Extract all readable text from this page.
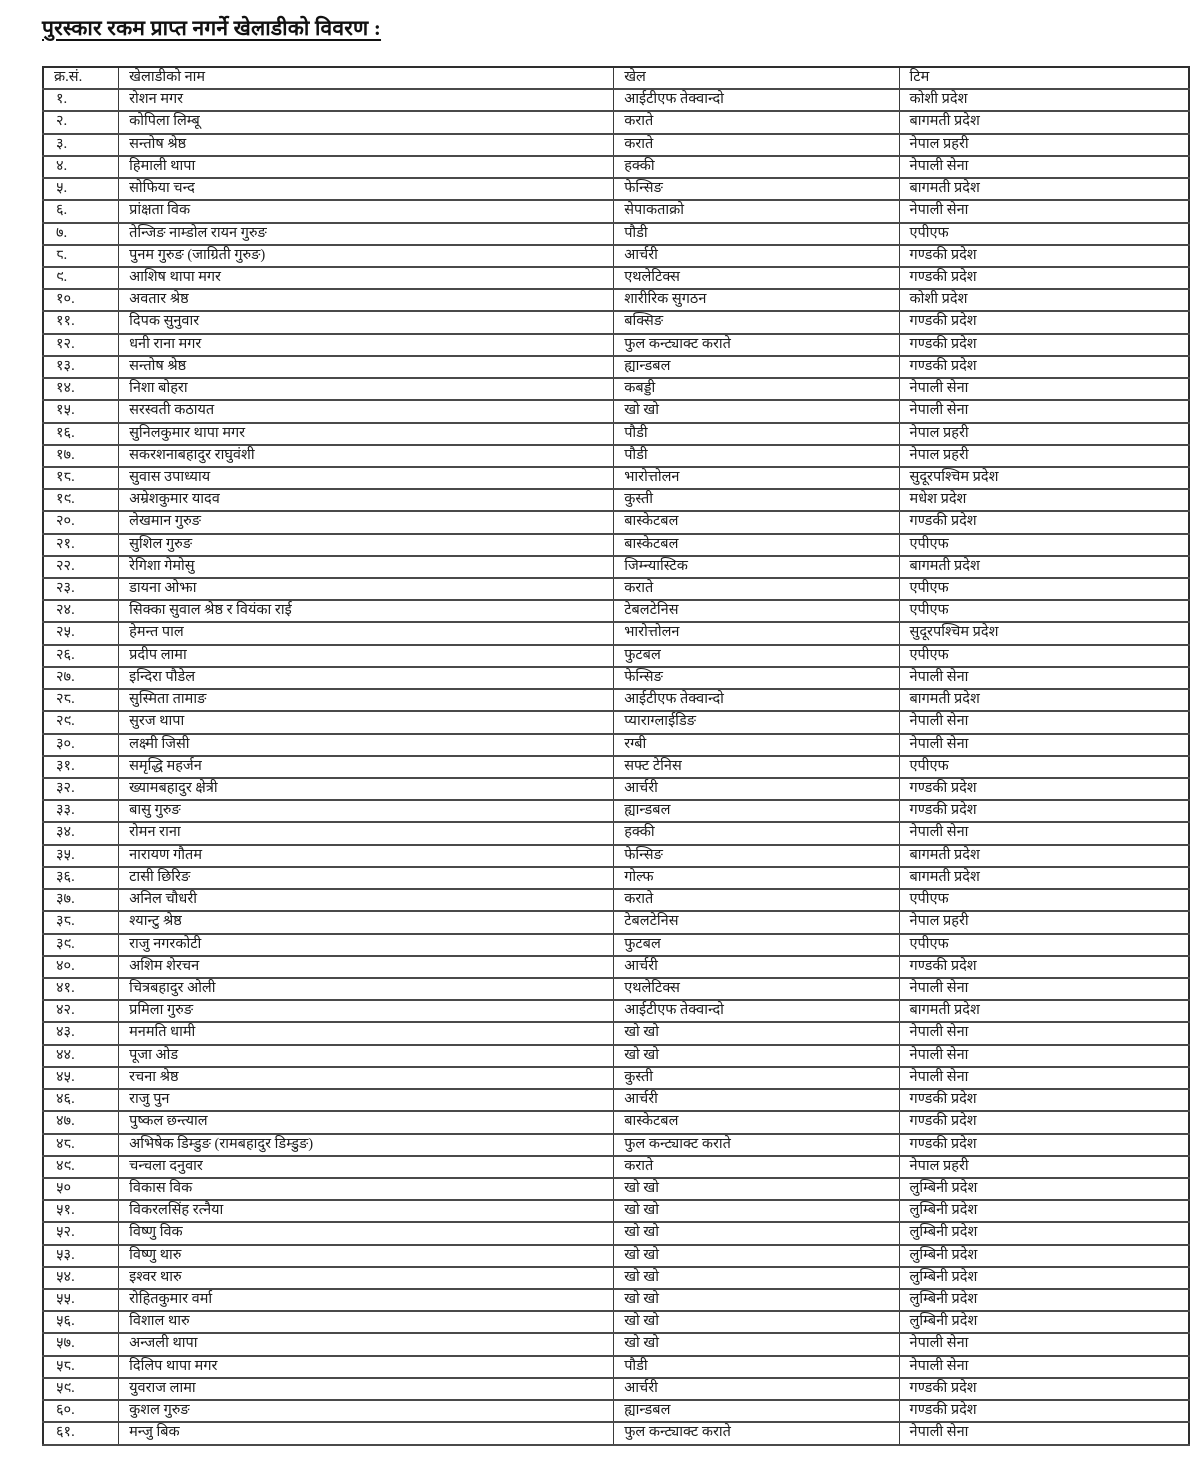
पुरस्कार रकम प्राप्त नगर्ने खेलाडीको विवरण :
क्र.सं.	खेलाडीको नाम	खेल	टिम
१.	रोशन मगर	आईटीएफ तेक्वान्दो	कोशी प्रदेश
२.	कोपिला लिम्बू	कराते	बागमती प्रदेश
३.	सन्तोष श्रेष्ठ	कराते	नेपाल प्रहरी
४.	हिमाली थापा	हक्की	नेपाली सेना
५.	सोफिया चन्द	फेन्सिङ	बागमती प्रदेश
६.	प्रांक्षता विक	सेपाकताक्रो	नेपाली सेना
७.	तेन्जिङ नाम्डोल रायन गुरुङ	पौडी	एपीएफ
८.	पुनम गुरुङ (जाग्रिती गुरुङ)	आर्चरी	गण्डकी प्रदेश
९.	आशिष थापा मगर	एथलेटिक्स	गण्डकी प्रदेश
१०.	अवतार श्रेष्ठ	शारीरिक सुगठन	कोशी प्रदेश
११.	दिपक सुनुवार	बक्सिङ	गण्डकी प्रदेश
१२.	धनी राना मगर	फुल कन्ट्याक्ट कराते	गण्डकी प्रदेश
१३.	सन्तोष श्रेष्ठ	ह्यान्डबल	गण्डकी प्रदेश
१४.	निशा बोहरा	कबड्डी	नेपाली सेना
१५.	सरस्वती कठायत	खो खो	नेपाली सेना
१६.	सुनिलकुमार थापा मगर	पौडी	नेपाल प्रहरी
१७.	सकरशनाबहादुर राघुवंशी	पौडी	नेपाल प्रहरी
१८.	सुवास उपाध्याय	भारोत्तोलन	सुदूरपश्चिम प्रदेश
१९.	अम्रेशकुमार यादव	कुस्ती	मधेश प्रदेश
२०.	लेखमान गुरुङ	बास्केटबल	गण्डकी प्रदेश
२१.	सुशिल गुरुङ	बास्केटबल	एपीएफ
२२.	रेगिशा गेमोसु	जिम्न्यास्टिक	बागमती प्रदेश
२३.	डायना ओझा	कराते	एपीएफ
२४.	सिक्का सुवाल श्रेष्ठ र वियंका राई	टेबलटेनिस	एपीएफ
२५.	हेमन्त पाल	भारोत्तोलन	सुदूरपश्चिम प्रदेश
२६.	प्रदीप लामा	फुटबल	एपीएफ
२७.	इन्दिरा पौडेल	फेन्सिङ	नेपाली सेना
२८.	सुस्मिता तामाङ	आईटीएफ तेक्वान्दो	बागमती प्रदेश
२९.	सुरज थापा	प्याराग्लाईडिङ	नेपाली सेना
३०.	लक्ष्मी जिसी	रग्बी	नेपाली सेना
३१.	समृद्धि महर्जन	सफ्ट टेनिस	एपीएफ
३२.	ख्यामबहादुर क्षेत्री	आर्चरी	गण्डकी प्रदेश
३३.	बासु गुरुङ	ह्यान्डबल	गण्डकी प्रदेश
३४.	रोमन राना	हक्की	नेपाली सेना
३५.	नारायण गौतम	फेन्सिङ	बागमती प्रदेश
३६.	टासी छिरिङ	गोल्फ	बागमती प्रदेश
३७.	अनिल चौधरी	कराते	एपीएफ
३८.	श्यान्टु श्रेष्ठ	टेबलटेनिस	नेपाल प्रहरी
३९.	राजु नगरकोटी	फुटबल	एपीएफ
४०.	अशिम शेरचन	आर्चरी	गण्डकी प्रदेश
४१.	चित्रबहादुर ओली	एथलेटिक्स	नेपाली सेना
४२.	प्रमिला गुरुङ	आईटीएफ तेक्वान्दो	बागमती प्रदेश
४३.	मनमति धामी	खो खो	नेपाली सेना
४४.	पूजा ओड	खो खो	नेपाली सेना
४५.	रचना श्रेष्ठ	कुस्ती	नेपाली सेना
४६.	राजु पुन	आर्चरी	गण्डकी प्रदेश
४७.	पुष्कल छन्त्याल	बास्केटबल	गण्डकी प्रदेश
४८.	अभिषेक डिम्डुङ (रामबहादुर डिम्डुङ)	फुल कन्ट्याक्ट कराते	गण्डकी प्रदेश
४९.	चन्चला दनुवार	कराते	नेपाल प्रहरी
५०	विकास विक	खो खो	लुम्बिनी प्रदेश
५१.	विकरलसिंह रत्नैया	खो खो	लुम्बिनी प्रदेश
५२.	विष्णु विक	खो खो	लुम्बिनी प्रदेश
५३.	विष्णु थारु	खो खो	लुम्बिनी प्रदेश
५४.	इश्वर थारु	खो खो	लुम्बिनी प्रदेश
५५.	रोहितकुमार वर्मा	खो खो	लुम्बिनी प्रदेश
५६.	विशाल थारु	खो खो	लुम्बिनी प्रदेश
५७.	अन्जली थापा	खो खो	नेपाली सेना
५८.	दिलिप थापा मगर	पौडी	नेपाली सेना
५९.	युवराज लामा	आर्चरी	गण्डकी प्रदेश
६०.	कुशल गुरुङ	ह्यान्डबल	गण्डकी प्रदेश
६१.	मन्जु बिक	फुल कन्ट्याक्ट कराते	नेपाली सेना
